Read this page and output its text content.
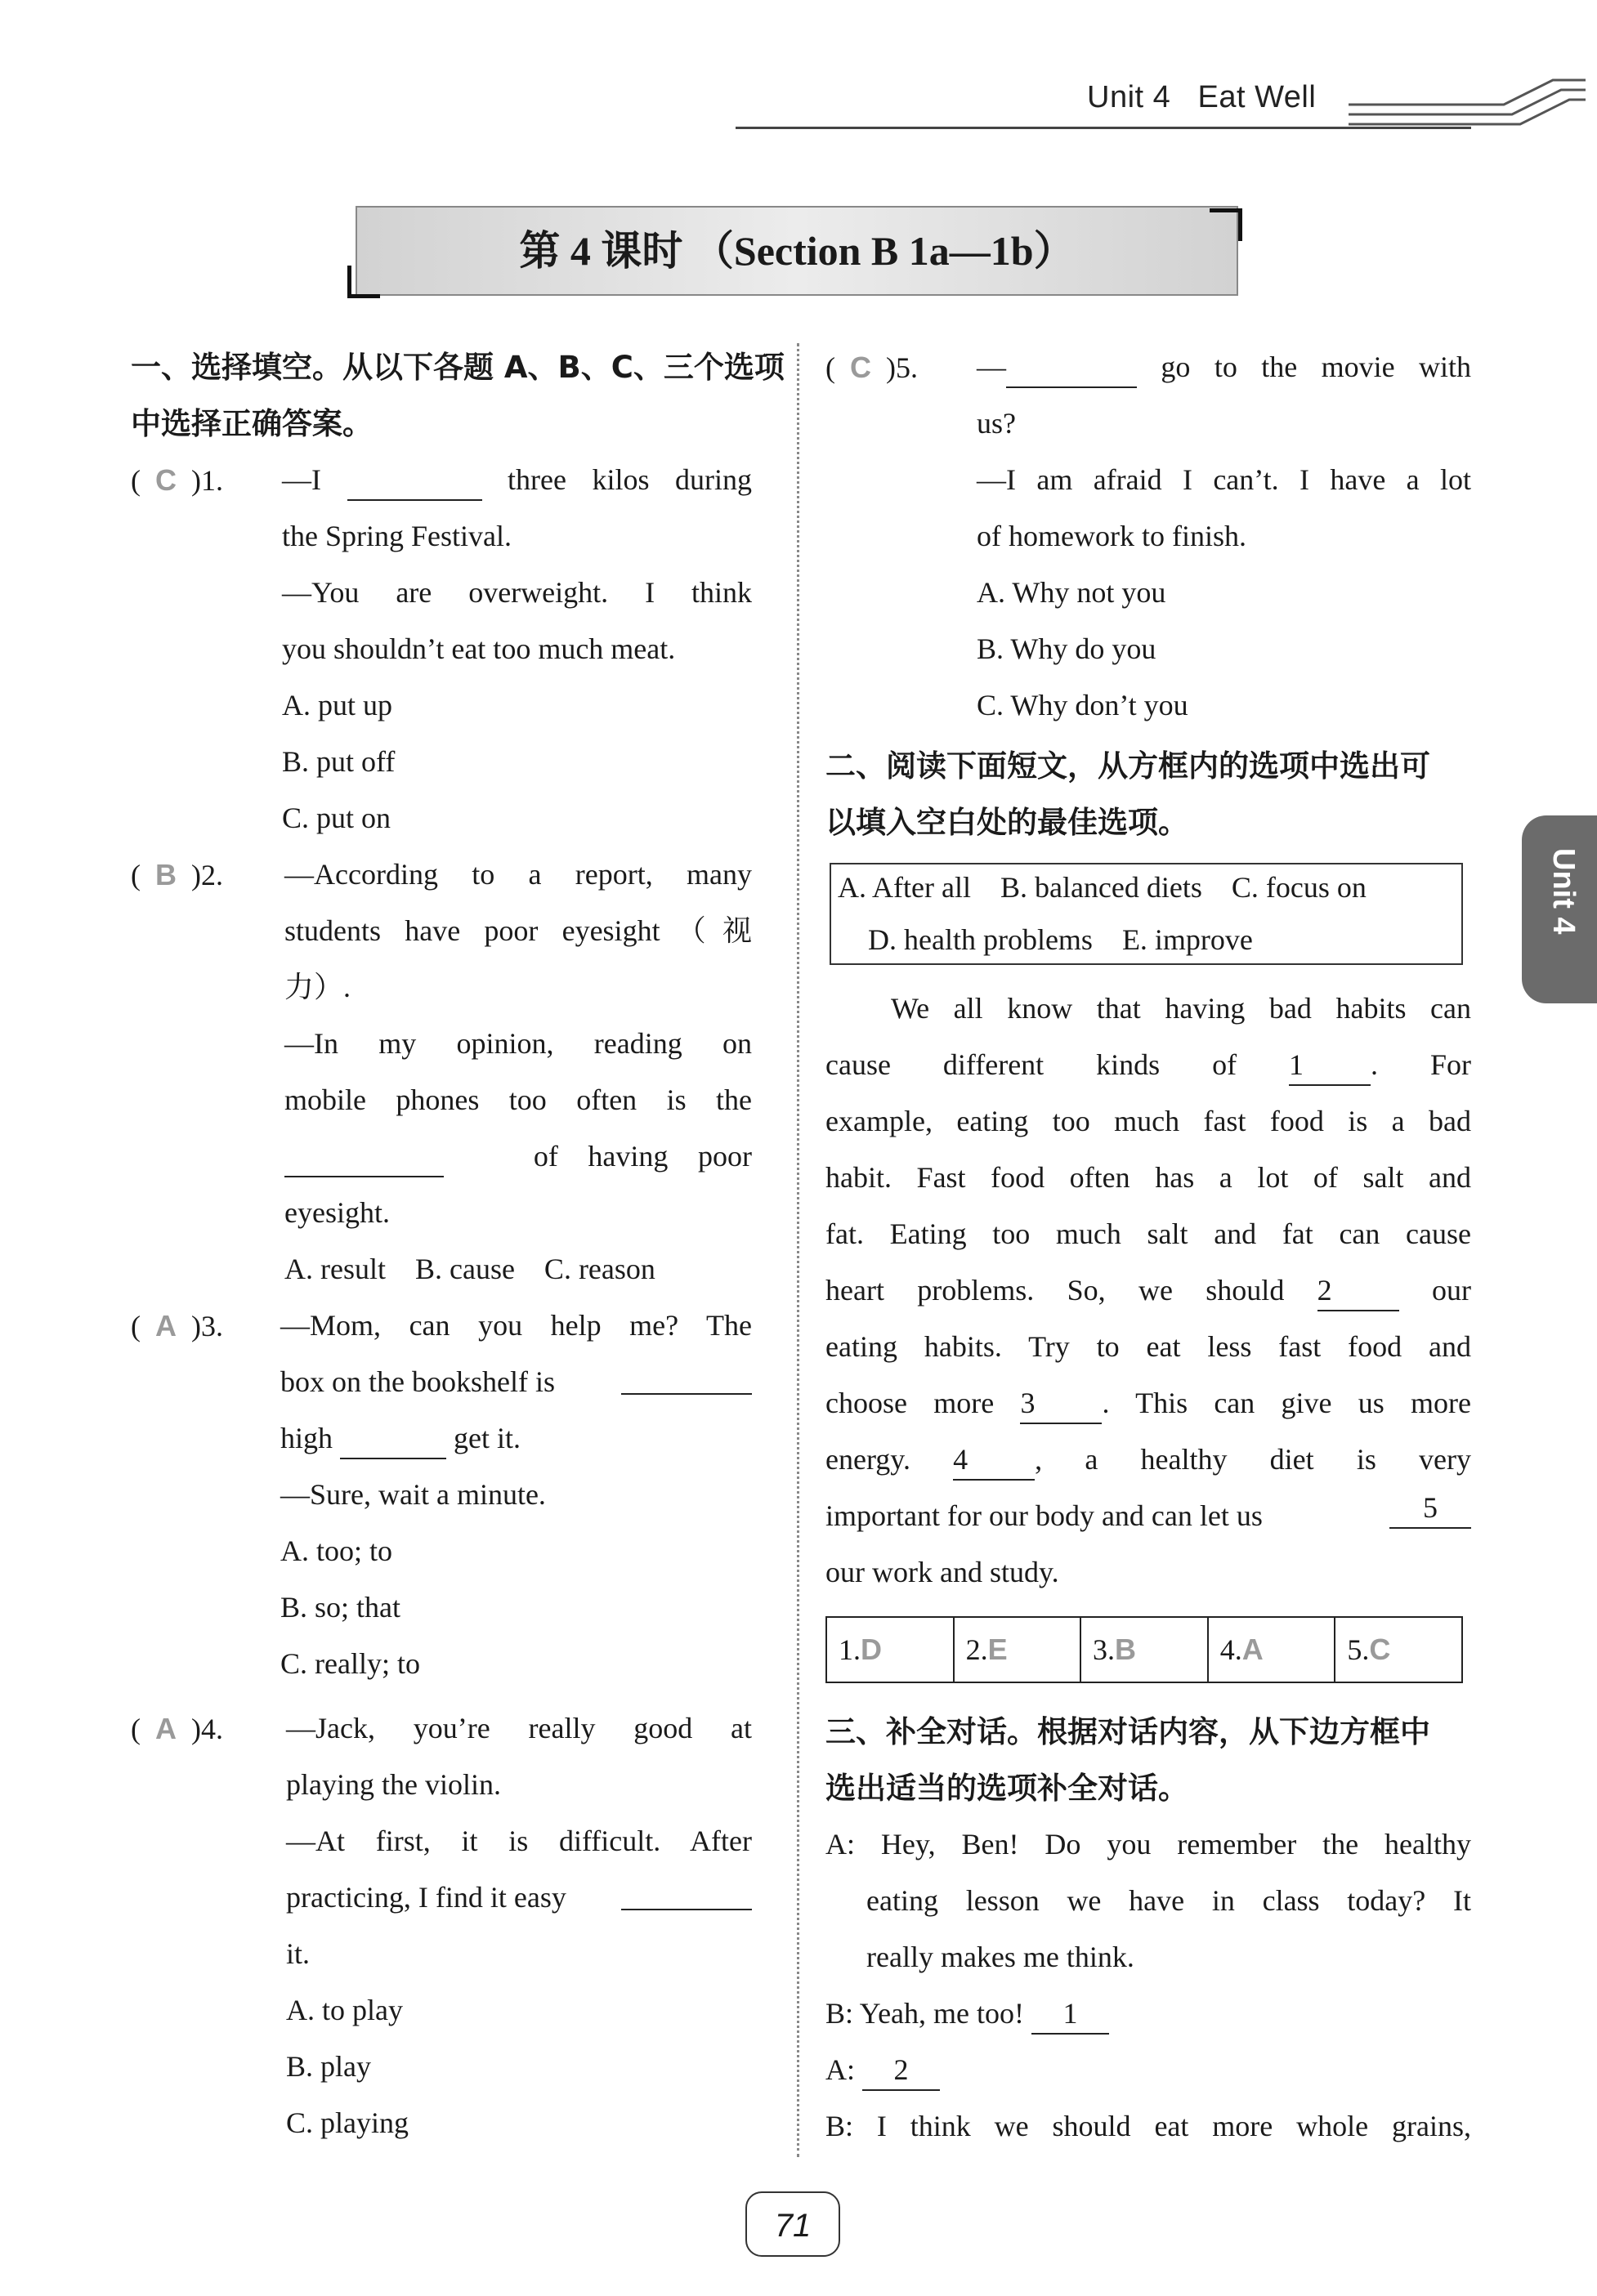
Unit 4 Eat Well
第 4 课时 （Section B 1a—1b）
Unit 4
一、选择填空。从以下各题 A、B、C、三个选项
中选择正确答案。
(  C )1. —I	three kilos during
the Spring Festival.
—You are overweight. I think
you shouldn’t eat too much meat.
A. put up
B. put off
C. put on
(  B )2. —According to a report, many
students have poor eyesight（视
力）.
—In my opinion, reading on
mobile phones too often is the
of having poor
eyesight.
A. result    B. cause    C. reason
(  A )3. —Mom, can you help me? The
box on the bookshelf is

high	get it.
—Sure, wait a minute.
A. too; to
B. so; that
C. really; to
(  A )4. —Jack, you’re really good at
playing the violin.
—At first, it is difficult. After
practicing, I find it easy

it.
A. to play
B. play
C. playing
(  C )5. —	go to the movie with
us?
—I am afraid I can’t. I have a lot
of homework to finish.
A. Why not you
B. Why do you
C. Why don’t you
二、阅读下面短文，从方框内的选项中选出可
以填入空白处的最佳选项。
A. After all    B. balanced diets    C. focus on
D. health problems    E. improve
We all know that having bad habits can
cause different kinds of 1 . For
example, eating too much fast food is a bad
habit. Fast food often has a lot of salt and
fat. Eating too much salt and fat can cause
heart problems. So, we should 2	our
eating habits. Try to eat less fast food and
choose more 3 . This can give us more
energy. 4 , a healthy diet is very
important for our body and can let us	5
our work and study.
1.D	2.E	3.B	4.A	5.C
三、补全对话。根据对话内容，从下边方框中
选出适当的选项补全对话。
A: Hey, Ben! Do you remember the healthy
eating lesson we have in class today? It
really makes me think.
B: Yeah, me too! 1
A: 2
B: I think we should eat more whole grains,
71
